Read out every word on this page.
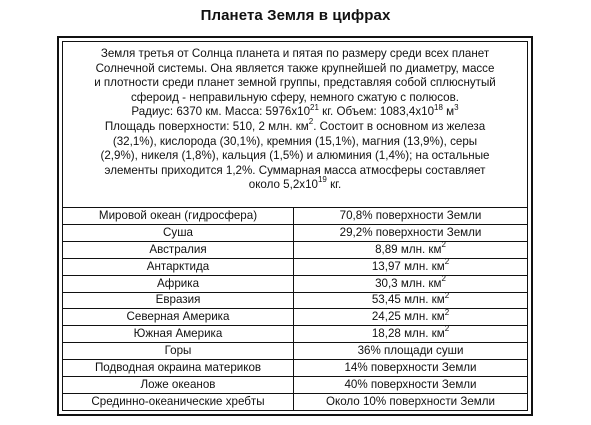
Планета Земля в цифрах
Земля третья от Солнца планета и пятая по размеру среди всех планет
Солнечной системы. Она является также крупнейшей по диаметру, массе
и плотности среди планет земной группы, представляя собой сплюснутый
сфероид - неправильную сферу, немного сжатую с полюсов.
Радиус: 6370 км. Масса: $5976x10^{21}$ кг. Объем: $1083,4x10^{18}$ $м^3$
Площадь поверхности: 510, 2 млн. $км^2$. Состоит в основном из железа
(32,1%), кислорода (30,1%), кремния (15,1%), магния (13,9%), серы
(2,9%), никеля (1,8%), кальция (1,5%) и алюминия (1,4%); на остальные
элементы приходится 1,2%. Суммарная масса атмосферы составляет
около $5,2x10^{19}$ кг.
Мировой океан (гидросфера)	70,8% поверхности Земли
Суша	29,2% поверхности Земли
Австралия	8,89 млн. $км^2$
Антарктида	13,97 млн. $км^2$
Африка	30,3 млн. $км^2$
Евразия	53,45 млн. $км^2$
Северная Америка	24,25 млн. $км^2$
Южная Америка	18,28 млн. $км^2$
Горы	36% площади суши
Подводная окраина материков	14% поверхности Земли
Ложе океанов	40% поверхности Земли
Срединно-океанические хребты	Около 10% поверхности Земли
